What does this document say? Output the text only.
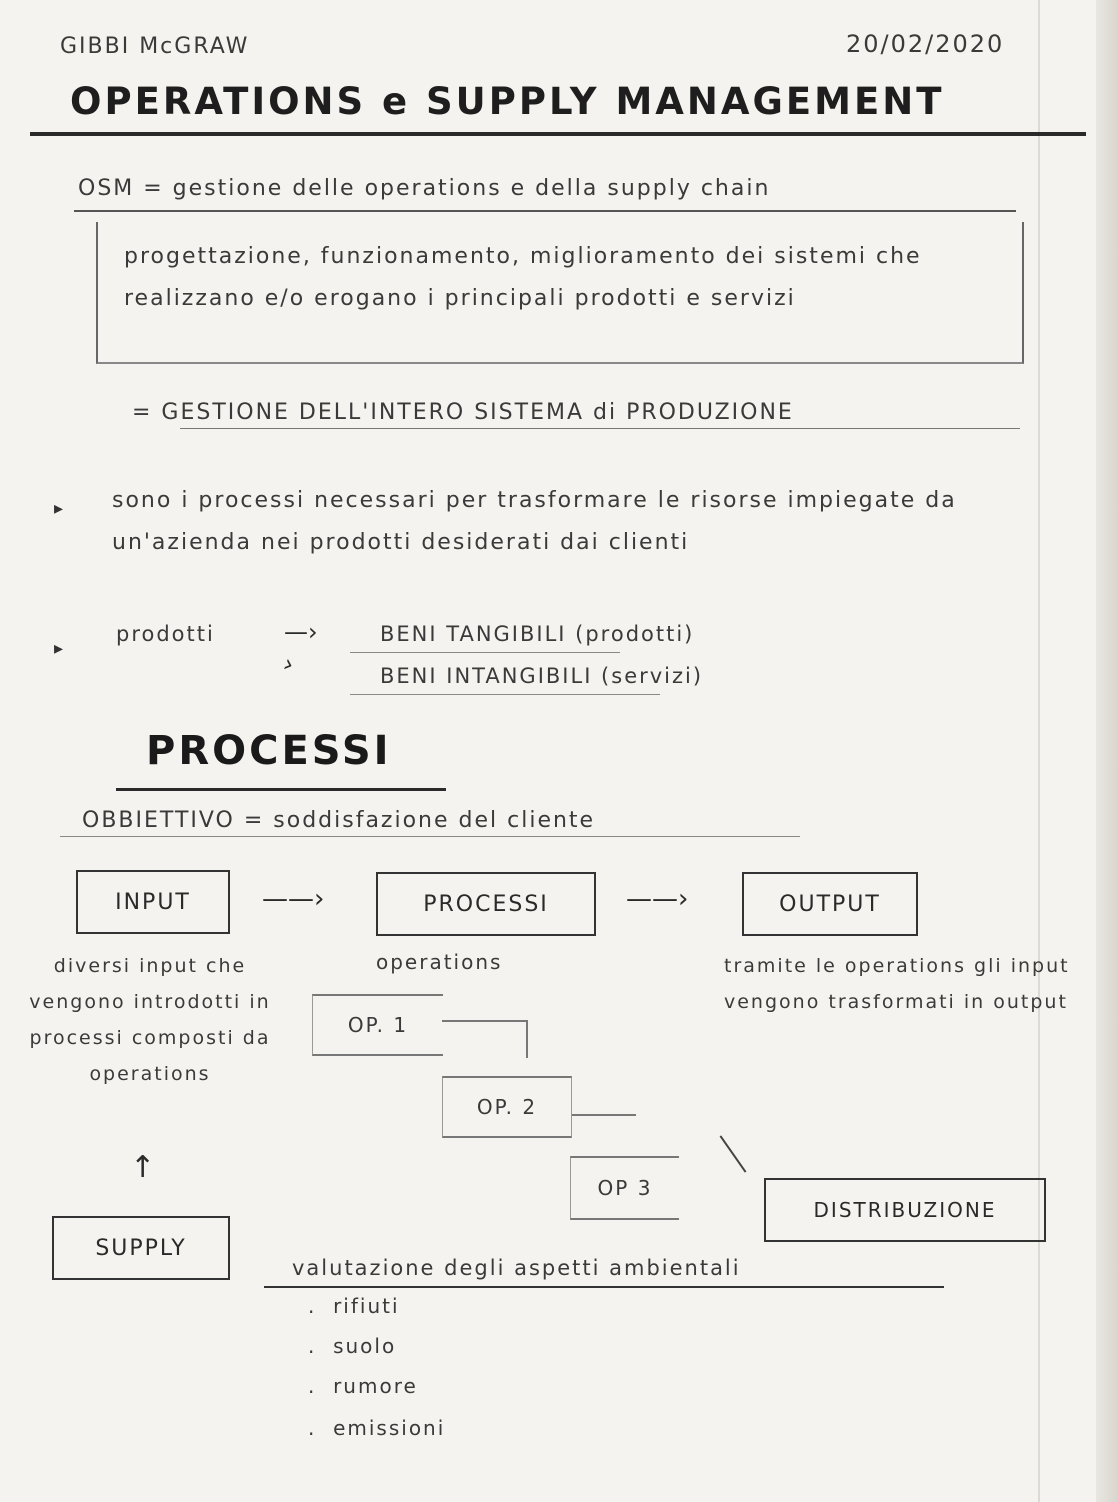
GIBBI McGRAW	20/02/2020
OPERATIONS e SUPPLY MANAGEMENT
OSM = gestione delle operations e della supply chain
progettazione, funzionamento, miglioramento dei sistemi che realizzano e/o erogano i principali prodotti e servizi
= GESTIONE DELL'INTERO SISTEMA di PRODUZIONE
▸ sono i processi necessari per trasformare le risorse impiegate da un'azienda nei prodotti desiderati dai clienti
▸
prodotti	—›
›
BENI TANGIBILI (prodotti)
BENI INTANGIBILI (servizi)
PROCESSI
OBBIETTIVO = soddisfazione del cliente
INPUT	——›	PROCESSI	——›	OUTPUT
diversi input che vengono introdotti in processi composti da operations
operations	tramite le operations gli input vengono trasformati in output
OP. 1
OP. 2
OP 3
↑
SUPPLY
DISTRIBUZIONE
valutazione degli aspetti ambientali
. rifiuti
. suolo
. rumore
. emissioni
